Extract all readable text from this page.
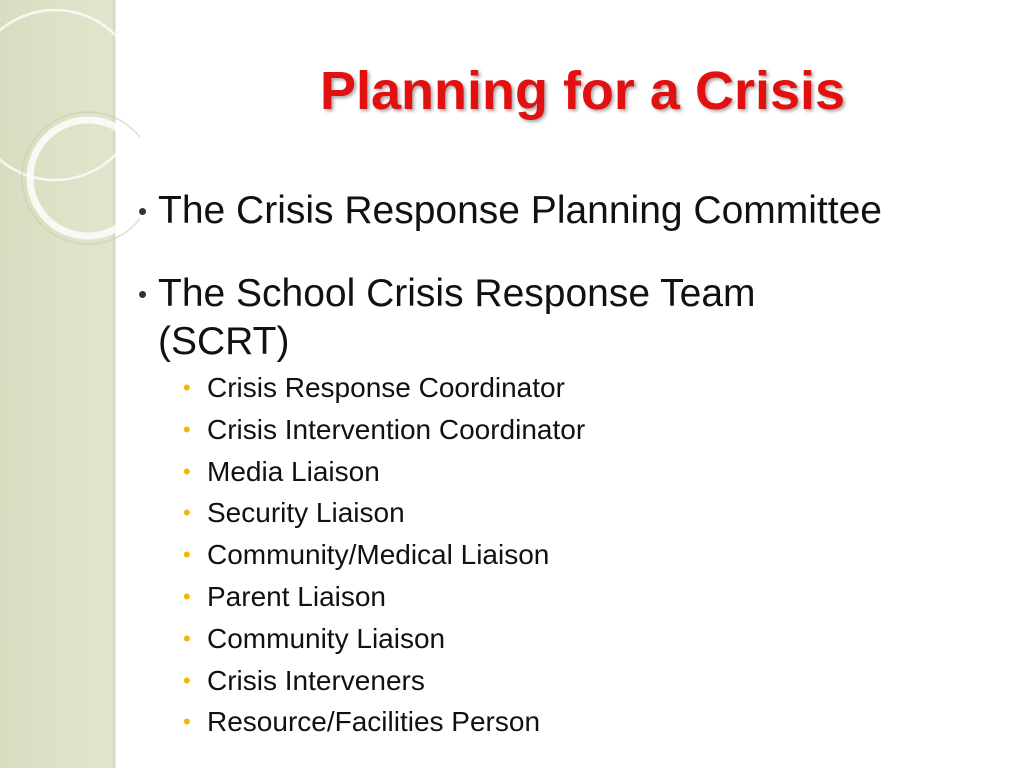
Planning for a Crisis
• The Crisis Response Planning Committee
• The School Crisis Response Team
(SCRT)
• Crisis Response Coordinator
• Crisis Intervention Coordinator
• Media Liaison
• Security Liaison
• Community/Medical Liaison
• Parent Liaison
• Community Liaison
• Crisis Interveners
• Resource/Facilities Person
